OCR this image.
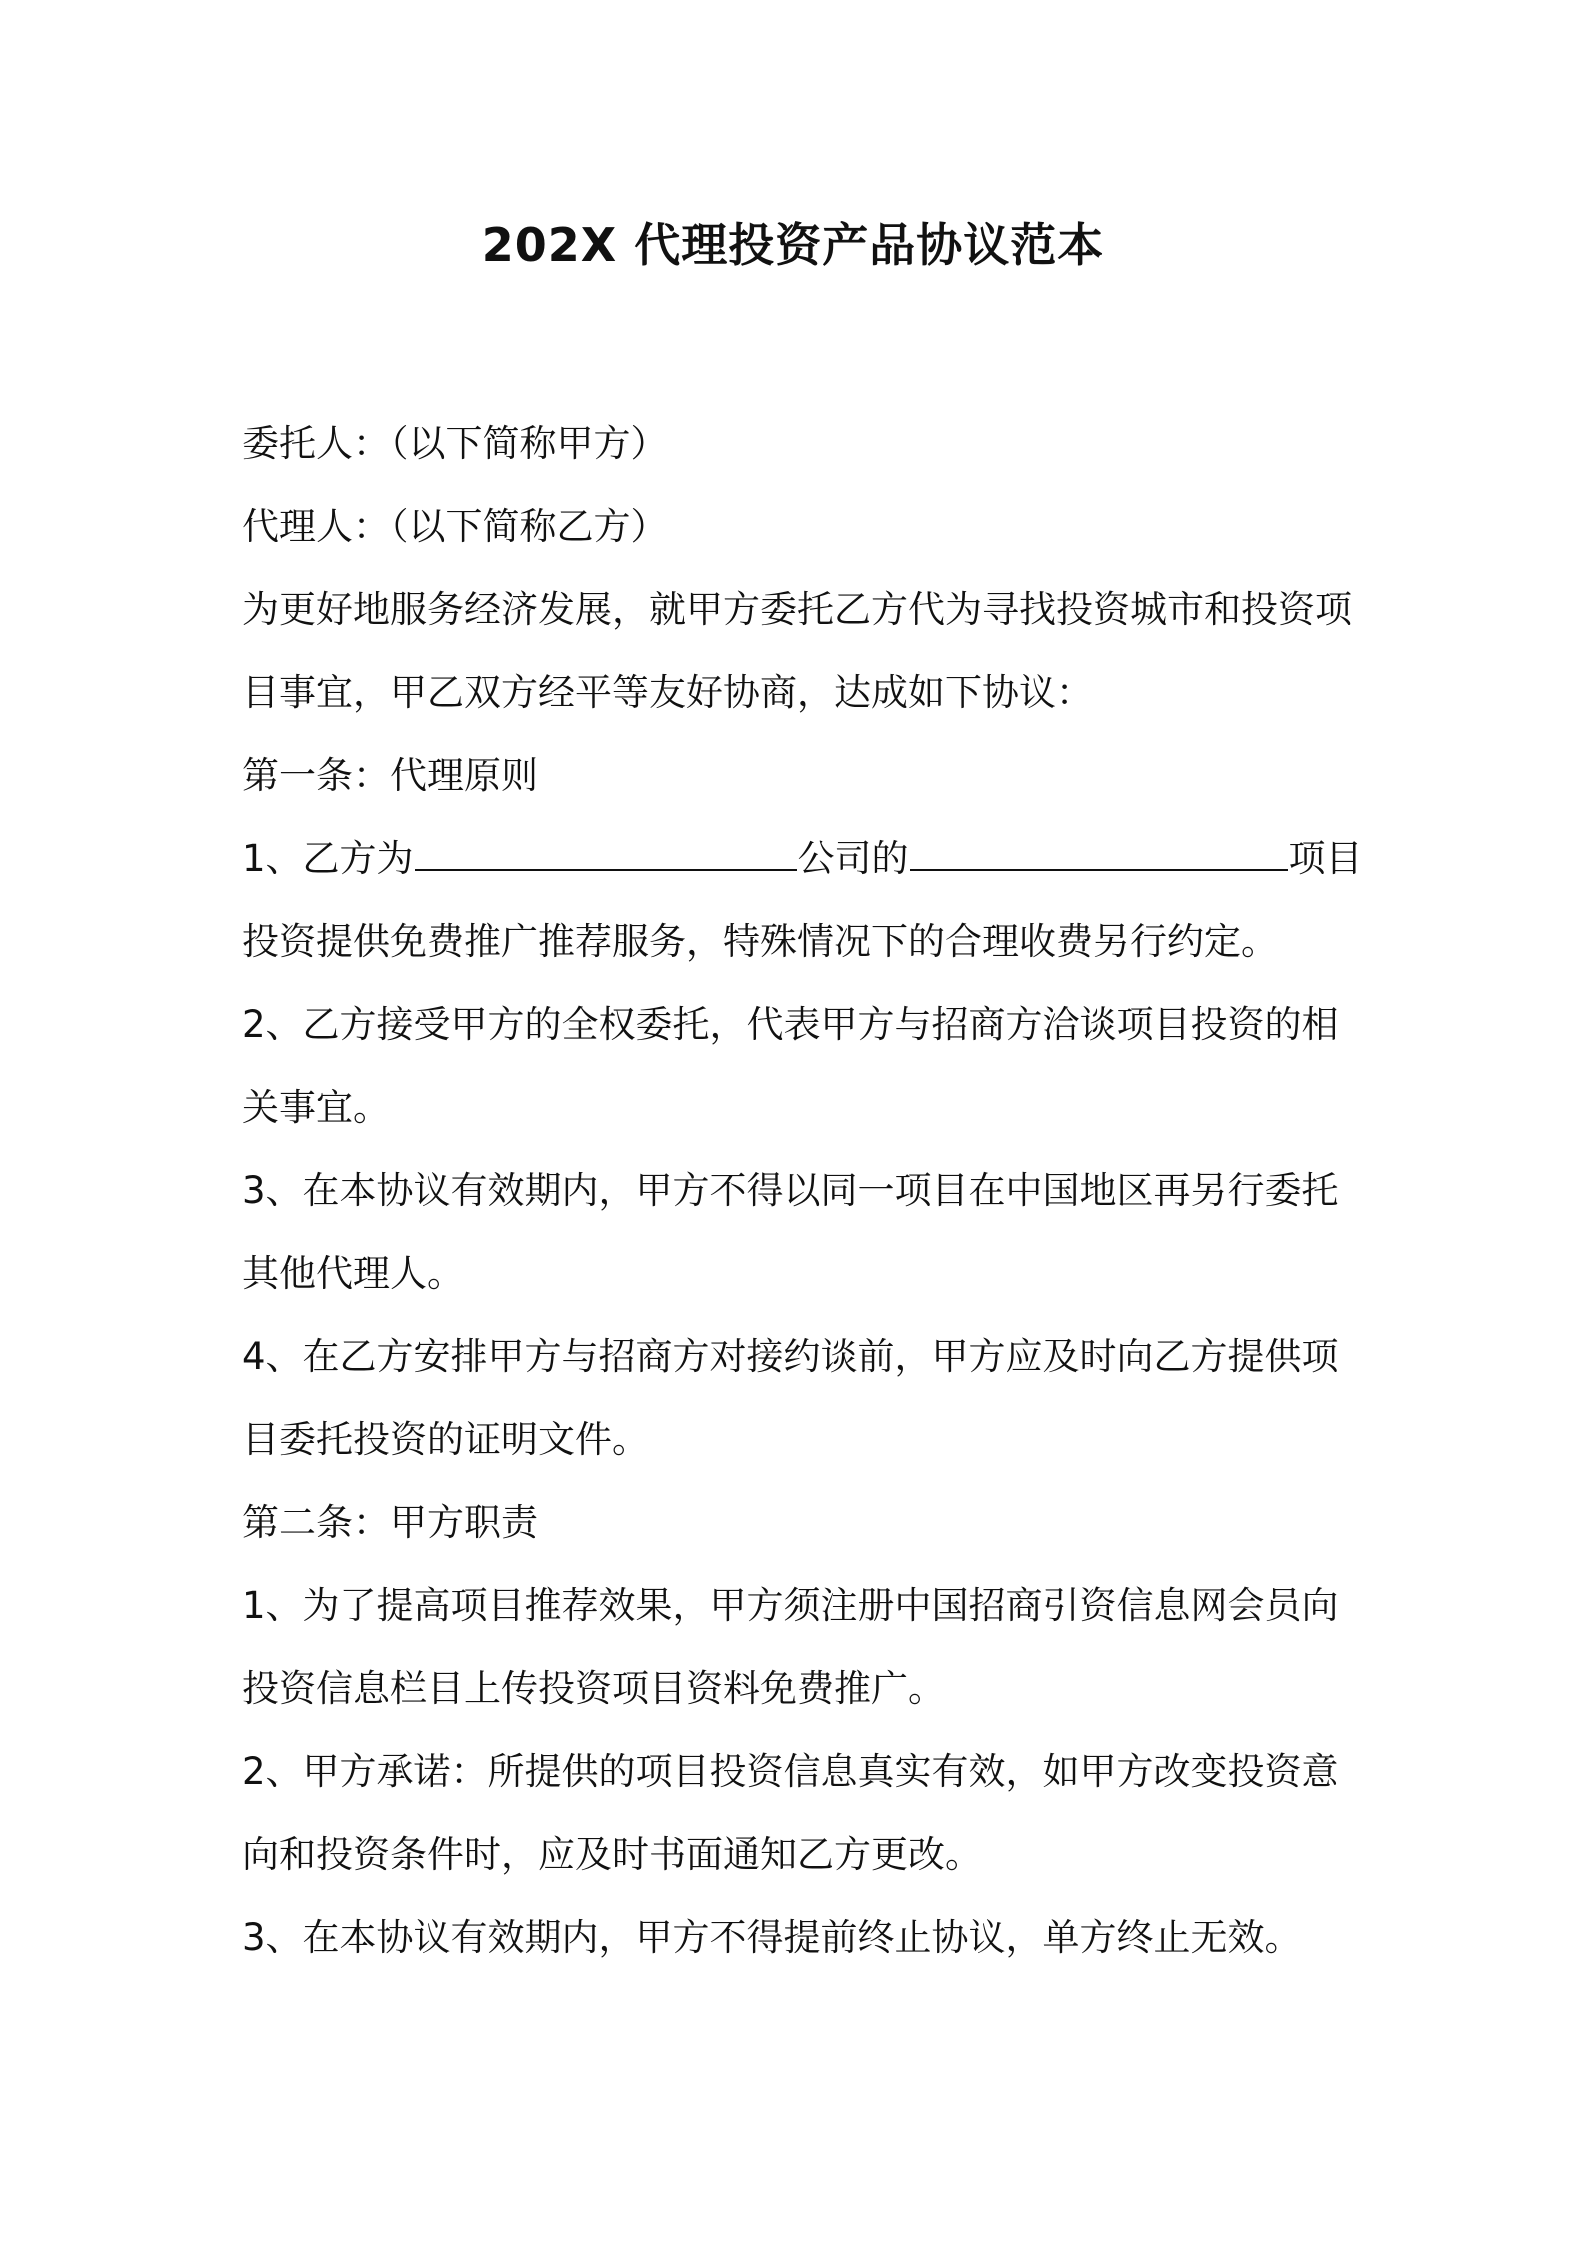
202X 代理投资产品协议范本

委托人：（以下简称甲方）

代理人：（以下简称乙方）

为更好地服务经济发展，就甲方委托乙方代为寻找投资城市和投资项

目事宜，甲乙双方经平等友好协商，达成如下协议：

第一条：代理原则

1、乙方为	公司的	项目

投资提供免费推广推荐服务，特殊情况下的合理收费另行约定。

2、乙方接受甲方的全权委托，代表甲方与招商方洽谈项目投资的相

关事宜。

3、在本协议有效期内，甲方不得以同一项目在中国地区再另行委托

其他代理人。

4、在乙方安排甲方与招商方对接约谈前，甲方应及时向乙方提供项

目委托投资的证明文件。

第二条：甲方职责

1、为了提高项目推荐效果，甲方须注册中国招商引资信息网会员向

投资信息栏目上传投资项目资料免费推广。

2、甲方承诺：所提供的项目投资信息真实有效，如甲方改变投资意

向和投资条件时，应及时书面通知乙方更改。

3、在本协议有效期内，甲方不得提前终止协议，单方终止无效。
